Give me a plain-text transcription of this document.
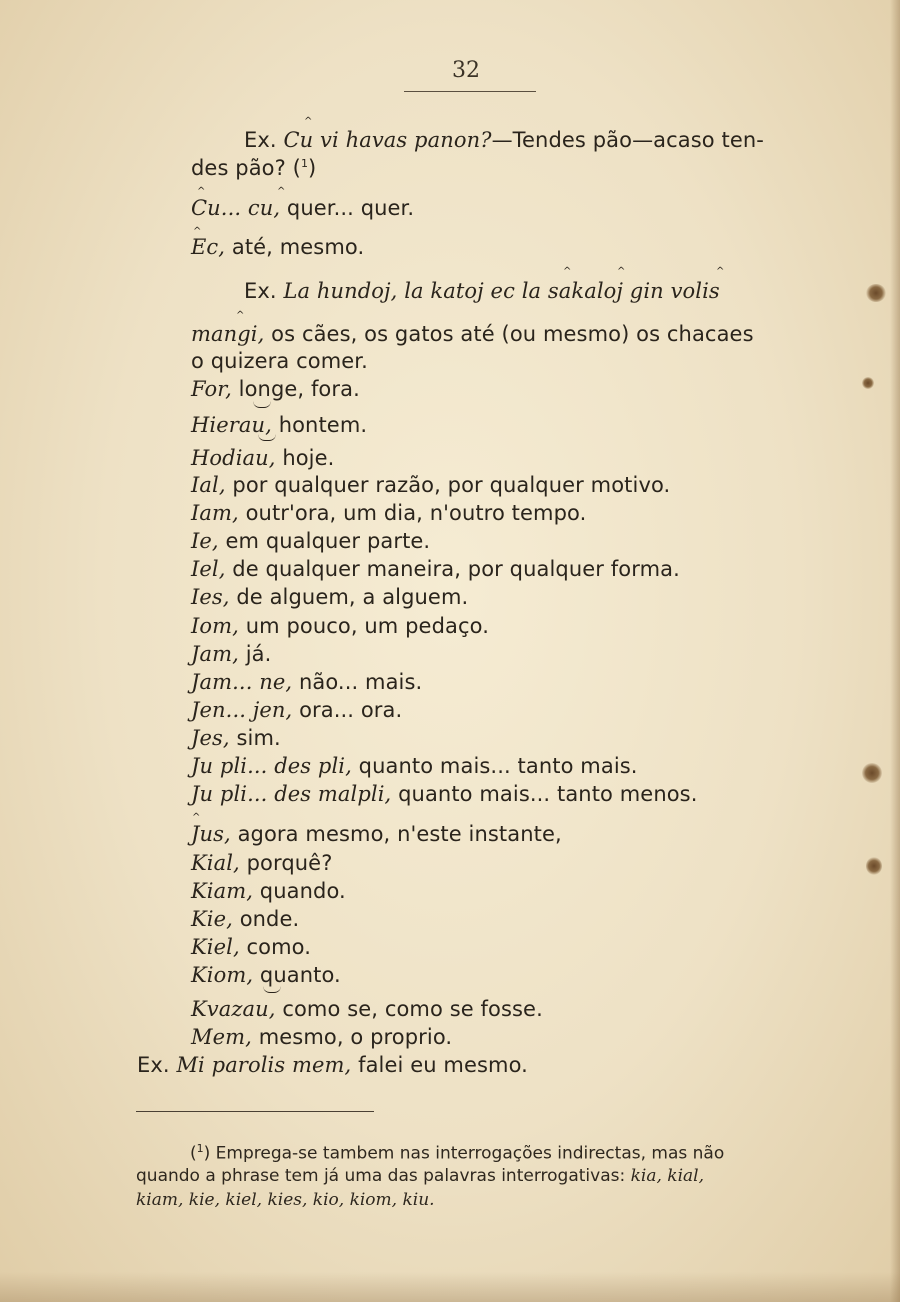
32
Ex. Cu vi havas panon?—Tendes pão—acaso ten-
^
des pão? ($^1$)
Cu... cu, quer... quer.
^	^
Ec, até, mesmo.
^
Ex. La hundoj, la katoj ec la sakaloj gin volis
^	^	^
mangi, os cães, os gatos até (ou mesmo) os chacaes
^
o quizera comer.
For, longe, fora.
Hierau, hontem.
Hodiau, hoje.
Ial, por qualquer razão, por qualquer motivo.
Iam, outr'ora, um dia, n'outro tempo.
Ie, em qualquer parte.
Iel, de qualquer maneira, por qualquer forma.
Ies, de alguem, a alguem.
Iom, um pouco, um pedaço.
Jam, já.
Jam... ne, não... mais.
Jen... jen, ora... ora.
Jes, sim.
Ju pli... des pli, quanto mais... tanto mais.
Ju pli... des malpli, quanto mais... tanto menos.
Jus, agora mesmo, n'este instante,
^
Kial, porquê?
Kiam, quando.
Kie, onde.
Kiel, como.
Kiom, quanto.
Kvazau, como se, como se fosse.
Mem, mesmo, o proprio.
Ex. Mi parolis mem, falei eu mesmo.
($^1$) Emprega-se tambem nas interrogações indirectas, mas não
quando a phrase tem já uma das palavras interrogativas: kia, kial,
kiam, kie, kiel, kies, kio, kiom, kiu.
